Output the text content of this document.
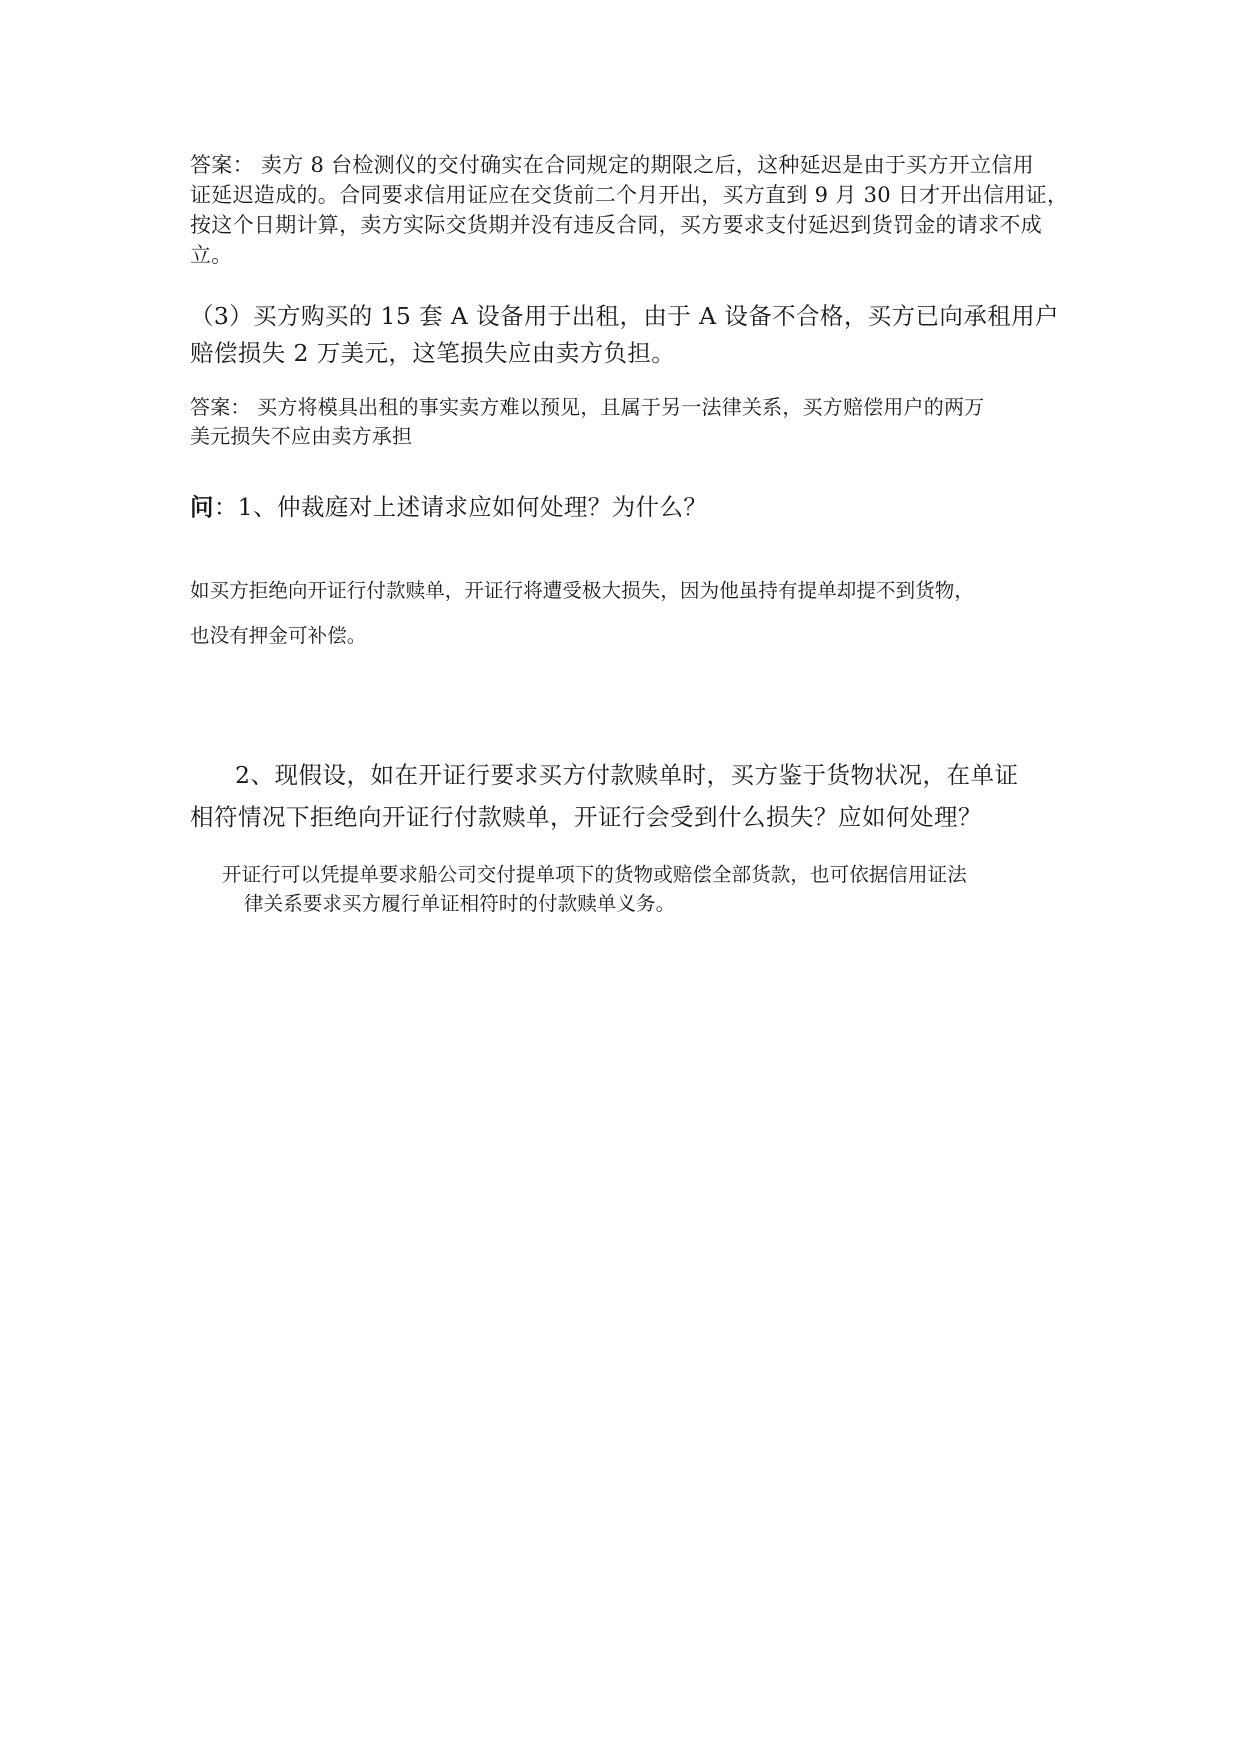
答案： 卖方 8 台检测仪的交付确实在合同规定的期限之后，这种延迟是由于买方开立信用
证延迟造成的。合同要求信用证应在交货前二个月开出，买方直到 9 月 30 日才开出信用证，
按这个日期计算，卖方实际交货期并没有违反合同，买方要求支付延迟到货罚金的请求不成
立。
（3）买方购买的 15 套 A 设备用于出租，由于 A 设备不合格，买方已向承租用户
赔偿损失 2 万美元，这笔损失应由卖方负担。
答案： 买方将模具出租的事实卖方难以预见，且属于另一法律关系，买方赔偿用户的两万
美元损失不应由卖方承担
问：1、仲裁庭对上述请求应如何处理？为什么？
如买方拒绝向开证行付款赎单，开证行将遭受极大损失，因为他虽持有提单却提不到货物，
也没有押金可补偿。
2、现假设，如在开证行要求买方付款赎单时，买方鉴于货物状况，在单证
相符情况下拒绝向开证行付款赎单，开证行会受到什么损失？应如何处理？
开证行可以凭提单要求船公司交付提单项下的货物或赔偿全部货款，也可依据信用证法
律关系要求买方履行单证相符时的付款赎单义务。
